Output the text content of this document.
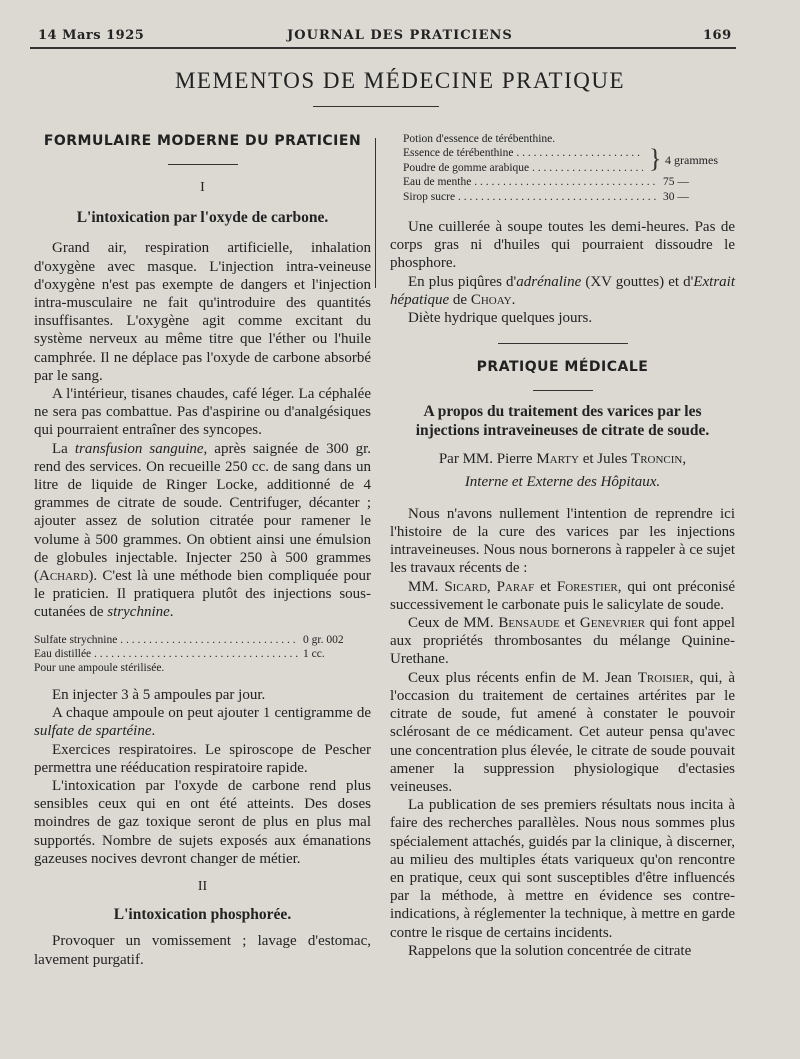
14 Mars 1925	JOURNAL DES PRATICIENS	169
MEMENTOS DE MÉDECINE PRATIQUE
FORMULAIRE MODERNE DU PRATICIEN
I
L'intoxication par l'oxyde de carbone.

Grand air, respiration artificielle, inhalation d'oxygène avec masque. L'injection intra-veineuse d'oxygène n'est pas exempte de dangers et l'injection intra-musculaire ne fait qu'introduire des quantités insuffisantes. L'oxygène agit comme excitant du système nerveux au même titre que l'éther ou l'huile camphrée. Il ne déplace pas l'oxyde de carbone absorbé par le sang.

A l'intérieur, tisanes chaudes, café léger. La céphalée ne sera pas combattue. Pas d'aspirine ou d'analgésiques qui pourraient entraîner des syncopes.

La transfusion sanguine, après saignée de 300 gr. rend des services. On recueille 250 cc. de sang dans un litre de liquide de Ringer Locke, additionné de 4 grammes de citrate de soude. Centrifuger, décanter ; ajouter assez de solution citratée pour ramener le volume à 500 grammes. On obtient ainsi une émulsion de globules injectable. Injecter 250 à 500 grammes (Achard). C'est là une méthode bien compliquée pour le praticien. Il pratiquera plutôt des injections sous-cutanées de strychnine.

Sulfate strychnine . . .	0 gr. 002
Eau distillée . . .	1 cc.
Pour une ampoule stérilisée.

En injecter 3 à 5 ampoules par jour.

A chaque ampoule on peut ajouter 1 centigramme de sulfate de spartéine.

Exercices respiratoires. Le spiroscope de Pescher permettra une rééducation respiratoire rapide.

L'intoxication par l'oxyde de carbone rend plus sensibles ceux qui en ont été atteints. Des doses moindres de gaz toxique seront de plus en plus mal supportés. Nombre de sujets exposés aux émanations gazeuses nocives devront changer de métier.

II
L'intoxication phosphorée.

Provoquer un vomissement ; lavage d'estomac, lavement purgatif.

Potion d'essence de térébenthine.
Essence de térébenthine . . .
Poudre de gomme arabique . . .	} 4 grammes
Eau de menthe . . .	75 —
Sirop sucre . . .	30 —

Une cuillerée à soupe toutes les demi-heures. Pas de corps gras ni d'huiles qui pourraient dissoudre le phosphore.

En plus piqûres d'adrénaline (XV gouttes) et d'Extrait hépatique de Choay.

Diète hydrique quelques jours.

PRATIQUE MÉDICALE
A propos du traitement des varices par les injections intraveineuses de citrate de soude.
Par MM. Pierre Marty et Jules Troncin,
Interne et Externe des Hôpitaux.

Nous n'avons nullement l'intention de reprendre ici l'histoire de la cure des varices par les injections intraveineuses. Nous nous bornerons à rappeler à ce sujet les travaux récents de :

MM. Sicard, Paraf et Forestier, qui ont préconisé successivement le carbonate puis le salicylate de soude.

Ceux de MM. Bensaude et Genevrier qui font appel aux propriétés thrombosantes du mélange Quinine-Urethane.

Ceux plus récents enfin de M. Jean Troisier, qui, à l'occasion du traitement de certaines artérites par le citrate de soude, fut amené à constater le pouvoir sclérosant de ce médicament. Cet auteur pensa qu'avec une concentration plus élevée, le citrate de soude pouvait amener la suppression physiologique d'ectasies veineuses.

La publication de ses premiers résultats nous incita à faire des recherches parallèles. Nous nous sommes plus spécialement attachés, guidés par la clinique, à discerner, au milieu des multiples états variqueux qu'on rencontre en pratique, ceux qui sont susceptibles d'être influencés par la méthode, à mettre en évidence ses contre-indications, à réglementer la technique, à mettre en garde contre le risque de certains incidents.

Rappelons que la solution concentrée de citrate
